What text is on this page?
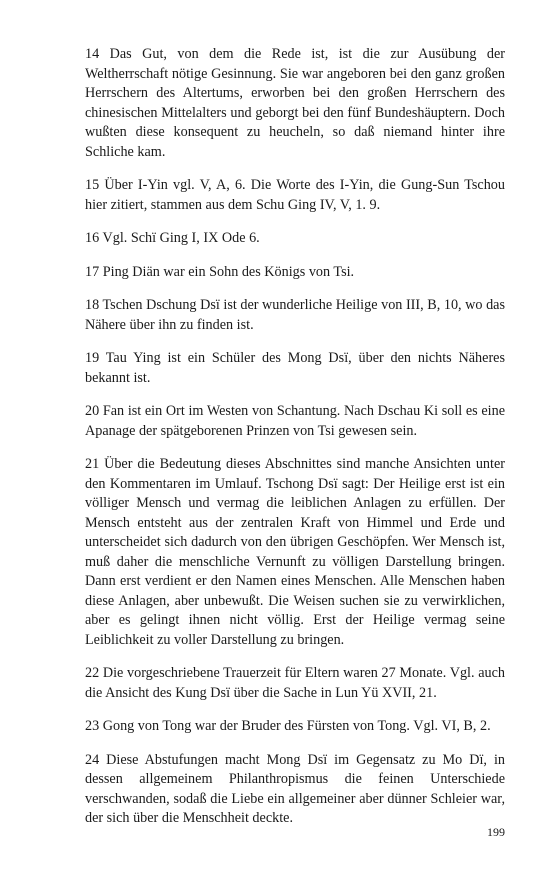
14 Das Gut, von dem die Rede ist, ist die zur Ausübung der Weltherrschaft nötige Gesinnung. Sie war angeboren bei den ganz großen Herrschern des Altertums, erworben bei den großen Herrschern des chinesischen Mittelalters und geborgt bei den fünf Bundeshäuptern. Doch wußten diese konsequent zu heucheln, so daß niemand hinter ihre Schliche kam.

15 Über I-Yin vgl. V, A, 6. Die Worte des I-Yin, die Gung-Sun Tschou hier zitiert, stammen aus dem Schu Ging IV, V, 1. 9.

16 Vgl. Schï Ging I, IX Ode 6.

17 Ping Diän war ein Sohn des Königs von Tsi.

18 Tschen Dschung Dsï ist der wunderliche Heilige von III, B, 10, wo das Nähere über ihn zu finden ist.

19 Tau Ying ist ein Schüler des Mong Dsï, über den nichts Näheres bekannt ist.

20 Fan ist ein Ort im Westen von Schantung. Nach Dschau Ki soll es eine Apanage der spätgeborenen Prinzen von Tsi gewesen sein.

21 Über die Bedeutung dieses Abschnittes sind manche Ansichten unter den Kommentaren im Umlauf. Tschong Dsï sagt: Der Heilige erst ist ein völliger Mensch und vermag die leiblichen Anlagen zu erfüllen. Der Mensch entsteht aus der zentralen Kraft von Himmel und Erde und unterscheidet sich dadurch von den übrigen Geschöpfen. Wer Mensch ist, muß daher die menschliche Vernunft zu völligen Darstellung bringen. Dann erst verdient er den Namen eines Menschen. Alle Menschen haben diese Anlagen, aber unbewußt. Die Weisen suchen sie zu verwirklichen, aber es gelingt ihnen nicht völlig. Erst der Heilige vermag seine Leiblichkeit zu voller Darstellung zu bringen.

22 Die vorgeschriebene Trauerzeit für Eltern waren 27 Monate. Vgl. auch die Ansicht des Kung Dsï über die Sache in Lun Yü XVII, 21.

23 Gong von Tong war der Bruder des Fürsten von Tong. Vgl. VI, B, 2.

24 Diese Abstufungen macht Mong Dsï im Gegensatz zu Mo Dï, in dessen allgemeinem Philanthropismus die feinen Unterschiede verschwanden, sodaß die Liebe ein allgemeiner aber dünner Schleier war, der sich über die Menschheit deckte.

199
